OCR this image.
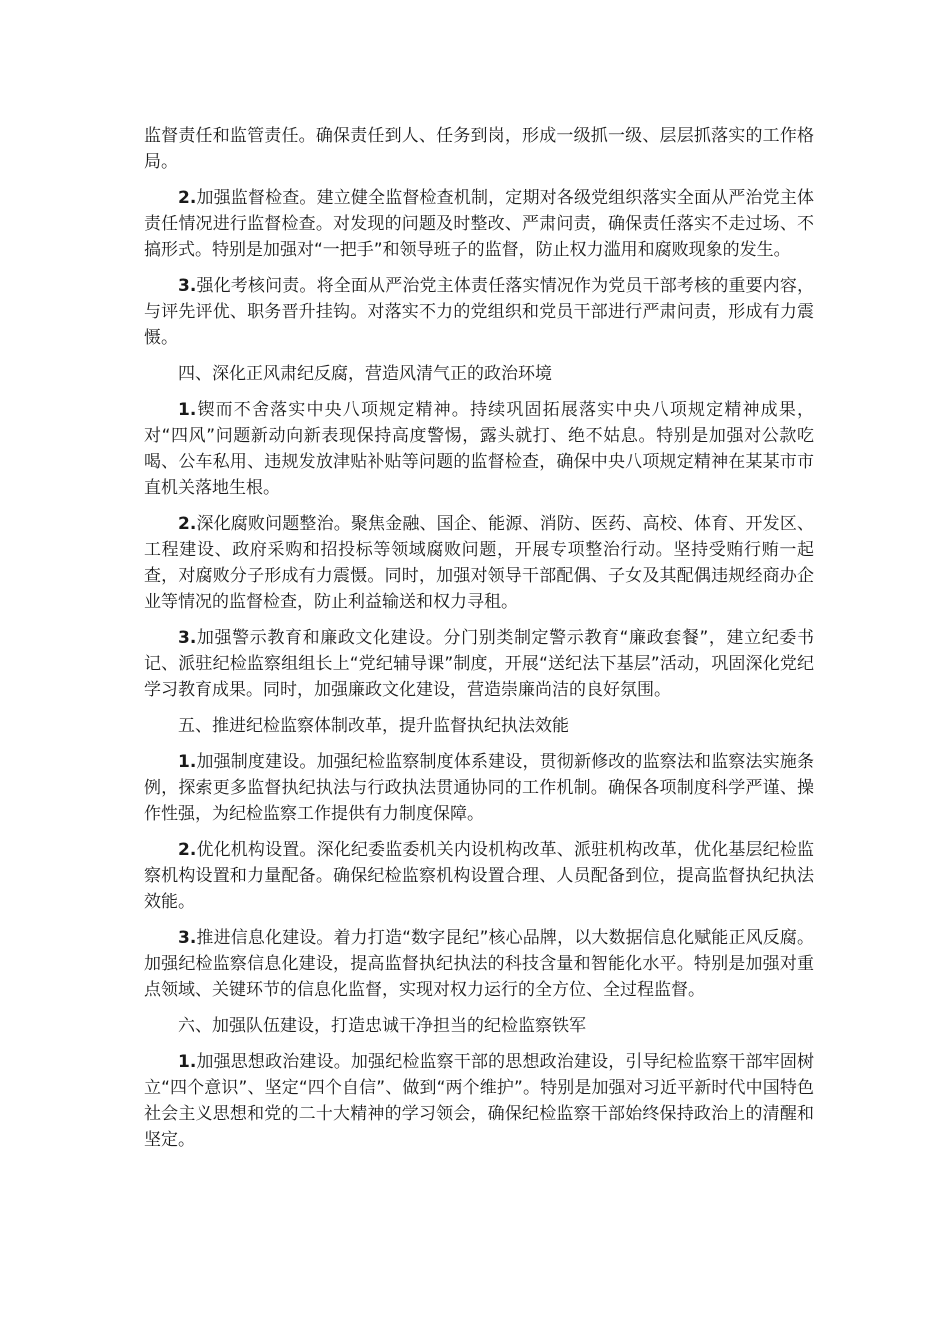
监督责任和监管责任。确保责任到人、任务到岗，形成一级抓一级、层层抓落实的工作格局。

2.加强监督检查。建立健全监督检查机制，定期对各级党组织落实全面从严治党主体责任情况进行监督检查。对发现的问题及时整改、严肃问责，确保责任落实不走过场、不搞形式。特别是加强对“一把手”和领导班子的监督，防止权力滥用和腐败现象的发生。

3.强化考核问责。将全面从严治党主体责任落实情况作为党员干部考核的重要内容，与评先评优、职务晋升挂钩。对落实不力的党组织和党员干部进行严肃问责，形成有力震慑。

四、深化正风肃纪反腐，营造风清气正的政治环境

1.锲而不舍落实中央八项规定精神。持续巩固拓展落实中央八项规定精神成果，对“四风”问题新动向新表现保持高度警惕，露头就打、绝不姑息。特别是加强对公款吃喝、公车私用、违规发放津贴补贴等问题的监督检查，确保中央八项规定精神在某某市市直机关落地生根。

2.深化腐败问题整治。聚焦金融、国企、能源、消防、医药、高校、体育、开发区、工程建设、政府采购和招投标等领域腐败问题，开展专项整治行动。坚持受贿行贿一起查，对腐败分子形成有力震慑。同时，加强对领导干部配偶、子女及其配偶违规经商办企业等情况的监督检查，防止利益输送和权力寻租。

3.加强警示教育和廉政文化建设。分门别类制定警示教育“廉政套餐”，建立纪委书记、派驻纪检监察组组长上“党纪辅导课”制度，开展“送纪法下基层”活动，巩固深化党纪学习教育成果。同时，加强廉政文化建设，营造崇廉尚洁的良好氛围。

五、推进纪检监察体制改革，提升监督执纪执法效能

1.加强制度建设。加强纪检监察制度体系建设，贯彻新修改的监察法和监察法实施条例，探索更多监督执纪执法与行政执法贯通协同的工作机制。确保各项制度科学严谨、操作性强，为纪检监察工作提供有力制度保障。

2.优化机构设置。深化纪委监委机关内设机构改革、派驻机构改革，优化基层纪检监察机构设置和力量配备。确保纪检监察机构设置合理、人员配备到位，提高监督执纪执法效能。

3.推进信息化建设。着力打造“数字昆纪”核心品牌，以大数据信息化赋能正风反腐。加强纪检监察信息化建设，提高监督执纪执法的科技含量和智能化水平。特别是加强对重点领域、关键环节的信息化监督，实现对权力运行的全方位、全过程监督。

六、加强队伍建设，打造忠诚干净担当的纪检监察铁军

1.加强思想政治建设。加强纪检监察干部的思想政治建设，引导纪检监察干部牢固树立“四个意识”、坚定“四个自信”、做到“两个维护”。特别是加强对习近平新时代中国特色社会主义思想和党的二十大精神的学习领会，确保纪检监察干部始终保持政治上的清醒和坚定。
